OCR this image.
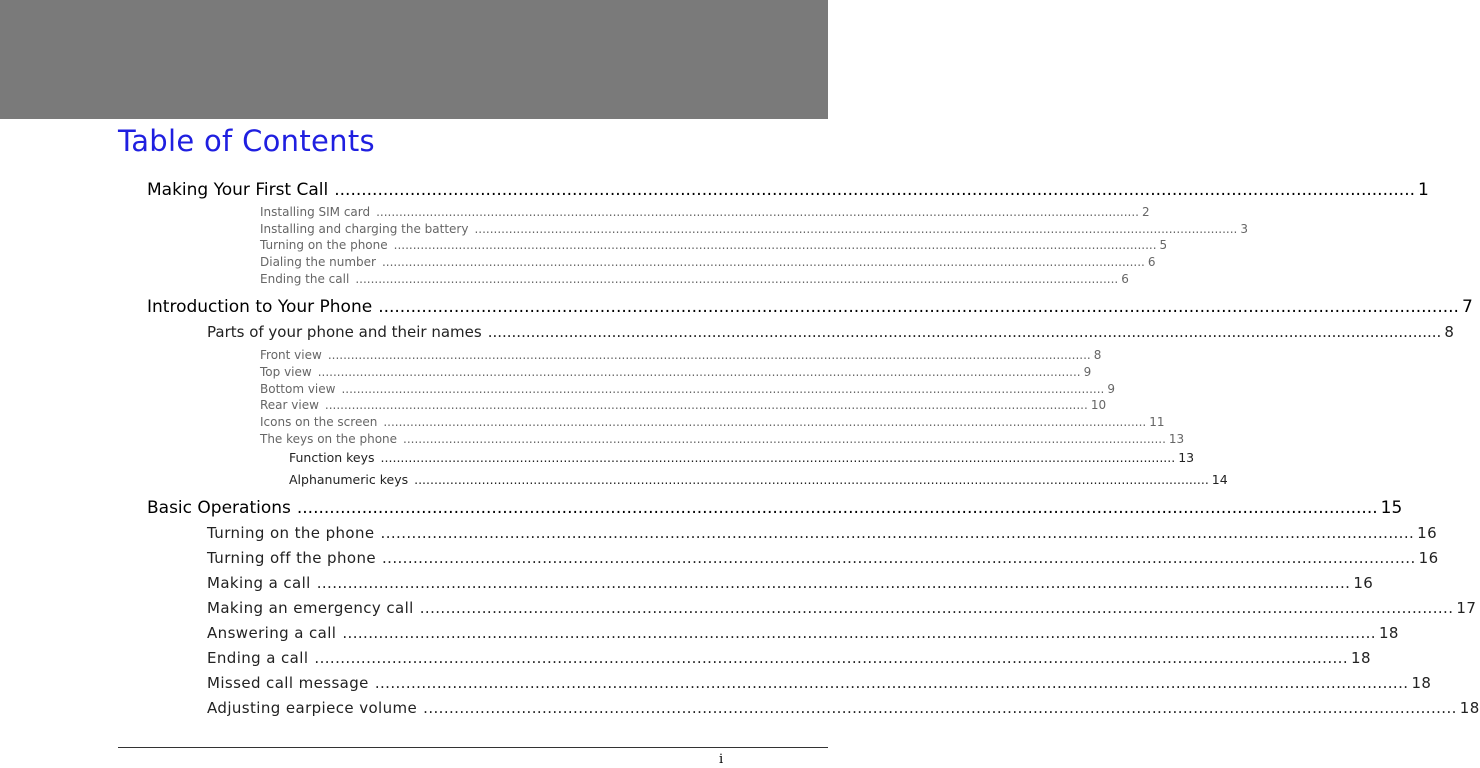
Table of Contents
Making Your First Call ........................................................................................................................................................................................................ 1
Installing SIM card ........................................................................................................................................................................................................ 2
Installing and charging the battery ........................................................................................................................................................................................................ 3
Turning on the phone ........................................................................................................................................................................................................ 5
Dialing the number ........................................................................................................................................................................................................ 6
Ending the call ........................................................................................................................................................................................................ 6
Introduction to Your Phone ........................................................................................................................................................................................................ 7
Parts of your phone and their names ........................................................................................................................................................................................................ 8
Front view ........................................................................................................................................................................................................ 8
Top view ........................................................................................................................................................................................................ 9
Bottom view ........................................................................................................................................................................................................ 9
Rear view ........................................................................................................................................................................................................ 10
Icons on the screen ........................................................................................................................................................................................................ 11
The keys on the phone ........................................................................................................................................................................................................ 13
Function keys ........................................................................................................................................................................................................ 13
Alphanumeric keys ........................................................................................................................................................................................................ 14
Basic Operations ........................................................................................................................................................................................................ 15
Turning on the phone ........................................................................................................................................................................................................ 16
Turning off the phone ........................................................................................................................................................................................................ 16
Making a call ........................................................................................................................................................................................................ 16
Making an emergency call ........................................................................................................................................................................................................ 17
Answering a call ........................................................................................................................................................................................................ 18
Ending a call ........................................................................................................................................................................................................ 18
Missed call message ........................................................................................................................................................................................................ 18
Adjusting earpiece volume ........................................................................................................................................................................................................ 18
i
